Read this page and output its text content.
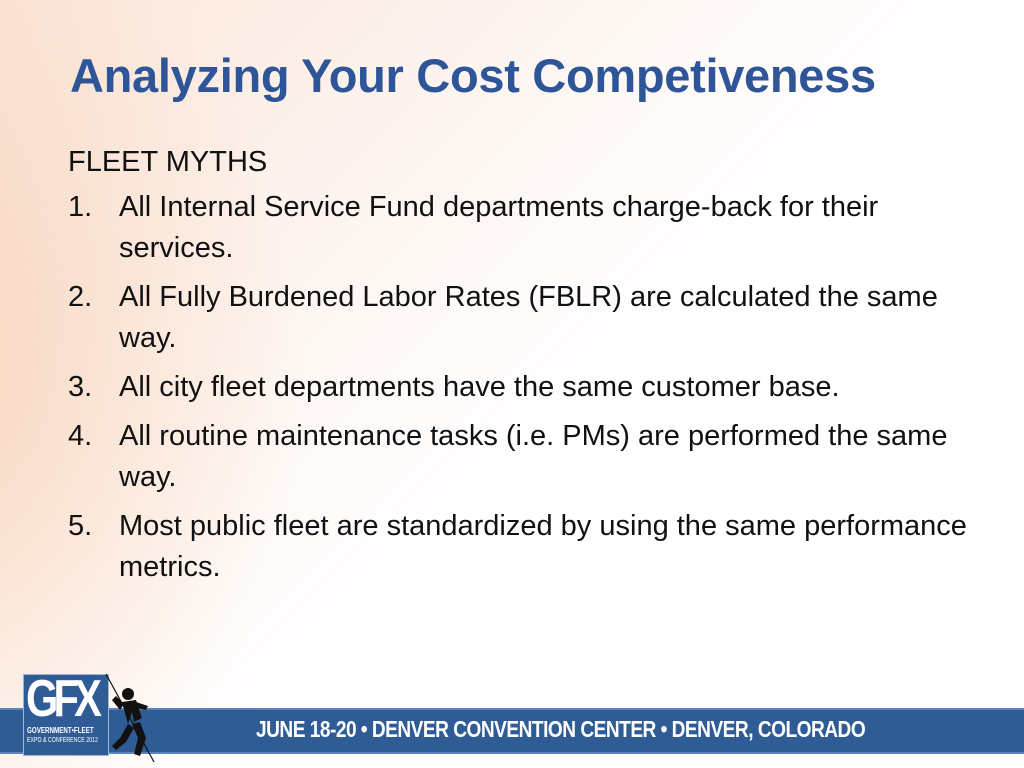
Analyzing Your Cost Competiveness
FLEET MYTHS
1. All Internal Service Fund departments charge-back for their services.
2. All Fully Burdened Labor Rates (FBLR) are calculated the same way.
3. All city fleet departments have the same customer base.
4. All routine maintenance tasks (i.e. PMs) are performed the same way.
5. Most public fleet are standardized by using the same performance metrics.
JUNE 18-20 • DENVER CONVENTION CENTER • DENVER, COLORADO
GFX
GOVERNMENT•FLEET
EXPO & CONFERENCE 2012
